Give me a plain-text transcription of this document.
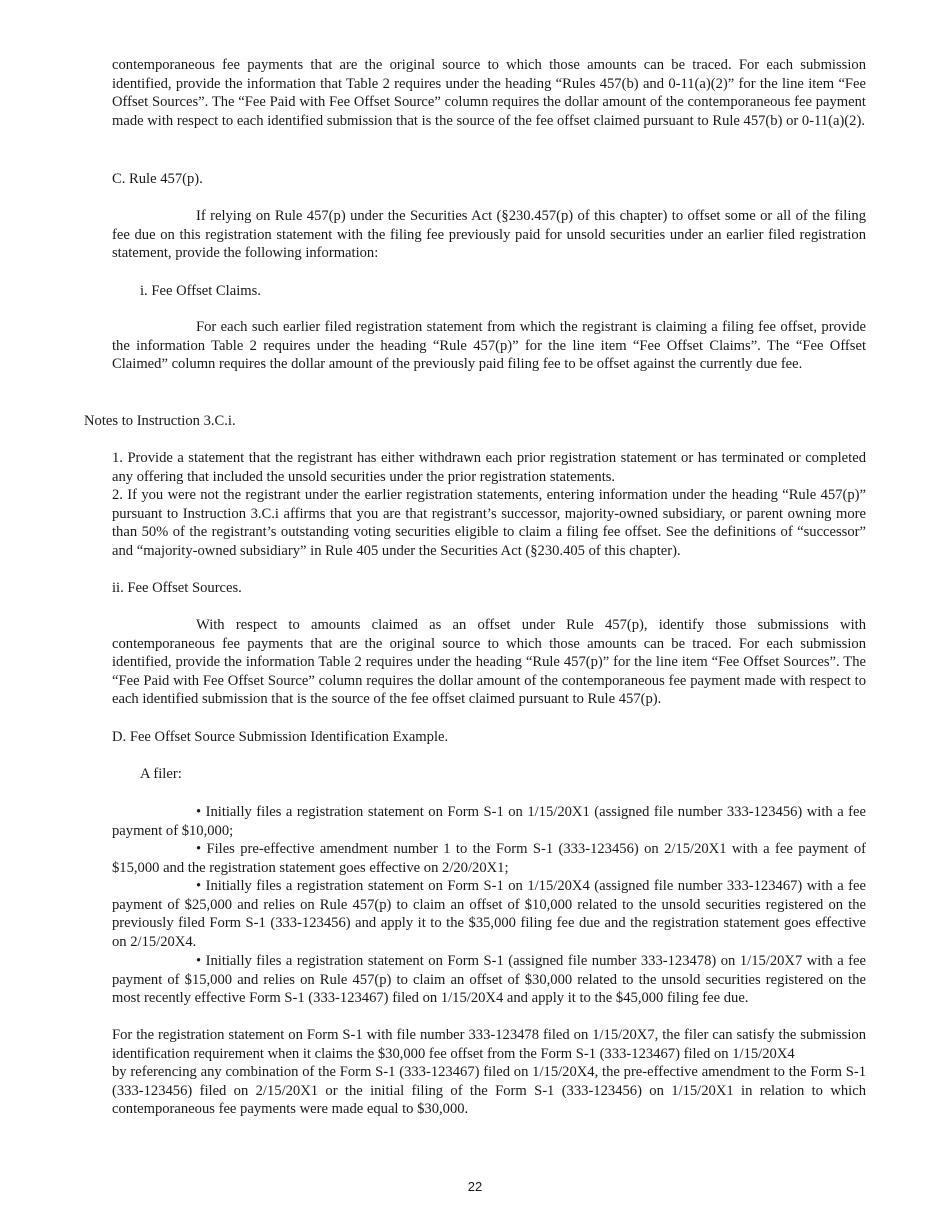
contemporaneous fee payments that are the original source to which those amounts can be traced. For each submission identified, provide the information that Table 2 requires under the heading “Rules 457(b) and 0-11(a)(2)” for the line item “Fee Offset Sources”. The “Fee Paid with Fee Offset Source” column requires the dollar amount of the contemporaneous fee payment made with respect to each identified submission that is the source of the fee offset claimed pursuant to Rule 457(b) or 0-11(a)(2).

C. Rule 457(p).

If relying on Rule 457(p) under the Securities Act (§230.457(p) of this chapter) to offset some or all of the filing fee due on this registration statement with the filing fee previously paid for unsold securities under an earlier filed registration statement, provide the following information:

i. Fee Offset Claims.

For each such earlier filed registration statement from which the registrant is claiming a filing fee offset, provide the information Table 2 requires under the heading “Rule 457(p)” for the line item “Fee Offset Claims”. The “Fee Offset Claimed” column requires the dollar amount of the previously paid filing fee to be offset against the currently due fee.

Notes to Instruction 3.C.i.

1. Provide a statement that the registrant has either withdrawn each prior registration statement or has terminated or completed any offering that included the unsold securities under the prior registration statements.

2. If you were not the registrant under the earlier registration statements, entering information under the heading “Rule 457(p)” pursuant to Instruction 3.C.i affirms that you are that registrant’s successor, majority-owned subsidiary, or parent owning more than 50% of the registrant’s outstanding voting securities eligible to claim a filing fee offset. See the definitions of “successor” and “majority-owned subsidiary” in Rule 405 under the Securities Act (§230.405 of this chapter).

ii. Fee Offset Sources.

With respect to amounts claimed as an offset under Rule 457(p), identify those submissions with contemporaneous fee payments that are the original source to which those amounts can be traced. For each submission identified, provide the information Table 2 requires under the heading “Rule 457(p)” for the line item “Fee Offset Sources”. The “Fee Paid with Fee Offset Source” column requires the dollar amount of the contemporaneous fee payment made with respect to each identified submission that is the source of the fee offset claimed pursuant to Rule 457(p).

D. Fee Offset Source Submission Identification Example.

A filer:

• Initially files a registration statement on Form S-1 on 1/15/20X1 (assigned file number 333-123456) with a fee payment of $10,000;

• Files pre-effective amendment number 1 to the Form S-1 (333-123456) on 2/15/20X1 with a fee payment of $15,000 and the registration statement goes effective on 2/20/20X1;

• Initially files a registration statement on Form S-1 on 1/15/20X4 (assigned file number 333-123467) with a fee payment of $25,000 and relies on Rule 457(p) to claim an offset of $10,000 related to the unsold securities registered on the previously filed Form S-1 (333-123456) and apply it to the $35,000 filing fee due and the registration statement goes effective on 2/15/20X4.

• Initially files a registration statement on Form S-1 (assigned file number 333-123478) on 1/15/20X7 with a fee payment of $15,000 and relies on Rule 457(p) to claim an offset of $30,000 related to the unsold securities registered on the most recently effective Form S-1 (333-123467) filed on 1/15/20X4 and apply it to the $45,000 filing fee due.

For the registration statement on Form S-1 with file number 333-123478 filed on 1/15/20X7, the filer can satisfy the submission
identification requirement when it claims the $30,000 fee offset from the Form S-1 (333-123467) filed on 1/15/20X4
by referencing any combination of the Form S-1 (333-123467) filed on 1/15/20X4, the pre-effective amendment to the Form S-1 (333-123456) filed on 2/15/20X1 or the initial filing of the Form S-1 (333-123456) on 1/15/20X1 in relation to which contemporaneous fee payments were made equal to $30,000.
22
